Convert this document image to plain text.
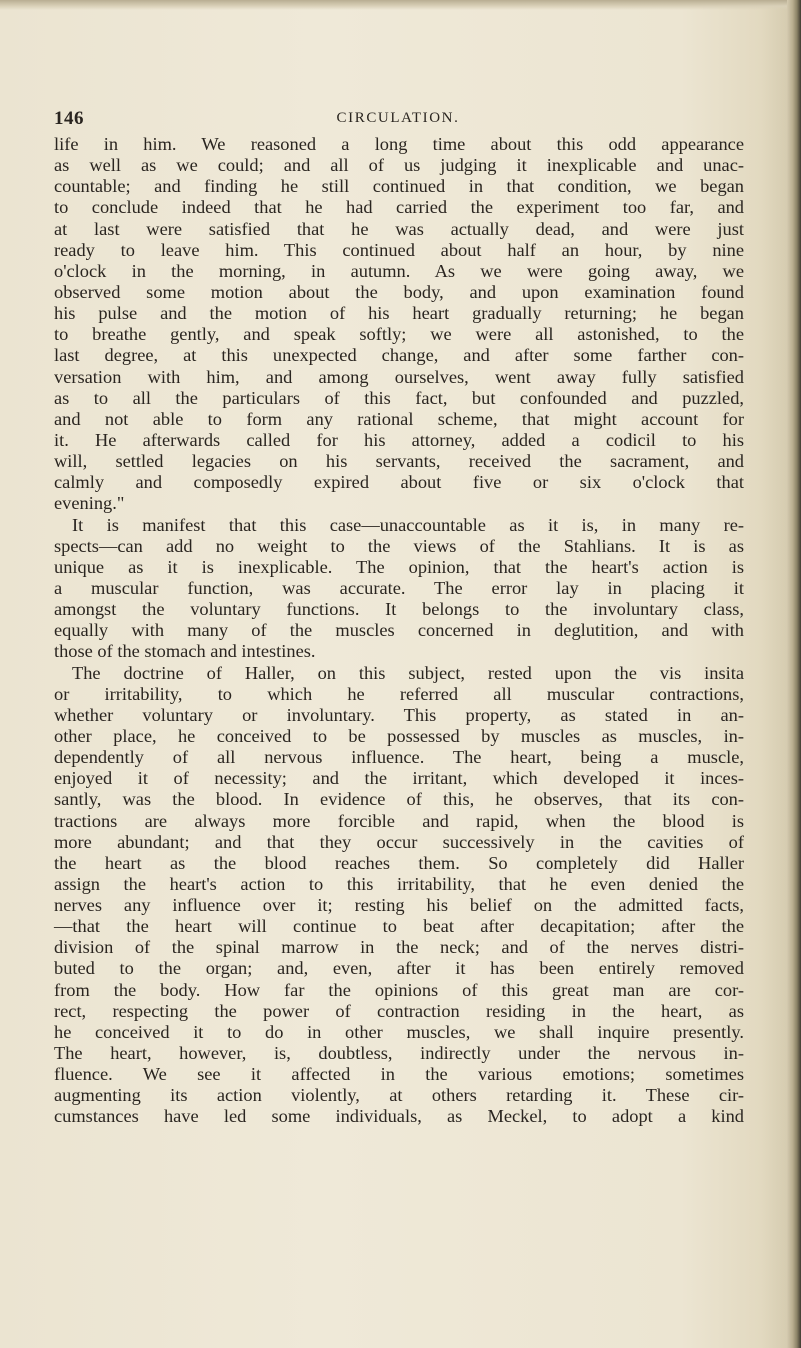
146	CIRCULATION.
life in him. We reasoned a long time about this odd appearance
as well as we could; and all of us judging it inexplicable and unac-
countable; and finding he still continued in that condition, we began
to conclude indeed that he had carried the experiment too far, and
at last were satisfied that he was actually dead, and were just
ready to leave him. This continued about half an hour, by nine
o'clock in the morning, in autumn. As we were going away, we
observed some motion about the body, and upon examination found
his pulse and the motion of his heart gradually returning; he began
to breathe gently, and speak softly; we were all astonished, to the
last degree, at this unexpected change, and after some farther con-
versation with him, and among ourselves, went away fully satisfied
as to all the particulars of this fact, but confounded and puzzled,
and not able to form any rational scheme, that might account for
it. He afterwards called for his attorney, added a codicil to his
will, settled legacies on his servants, received the sacrament, and
calmly and composedly expired about five or six o'clock that
evening."
It is manifest that this case—unaccountable as it is, in many re-
spects—can add no weight to the views of the Stahlians. It is as
unique as it is inexplicable. The opinion, that the heart's action is
a muscular function, was accurate. The error lay in placing it
amongst the voluntary functions. It belongs to the involuntary class,
equally with many of the muscles concerned in deglutition, and with
those of the stomach and intestines.
The doctrine of Haller, on this subject, rested upon the vis insita
or irritability, to which he referred all muscular contractions,
whether voluntary or involuntary. This property, as stated in an-
other place, he conceived to be possessed by muscles as muscles, in-
dependently of all nervous influence. The heart, being a muscle,
enjoyed it of necessity; and the irritant, which developed it inces-
santly, was the blood. In evidence of this, he observes, that its con-
tractions are always more forcible and rapid, when the blood is
more abundant; and that they occur successively in the cavities of
the heart as the blood reaches them. So completely did Haller
assign the heart's action to this irritability, that he even denied the
nerves any influence over it; resting his belief on the admitted facts,
—that the heart will continue to beat after decapitation; after the
division of the spinal marrow in the neck; and of the nerves distri-
buted to the organ; and, even, after it has been entirely removed
from the body. How far the opinions of this great man are cor-
rect, respecting the power of contraction residing in the heart, as
he conceived it to do in other muscles, we shall inquire presently.
The heart, however, is, doubtless, indirectly under the nervous in-
fluence. We see it affected in the various emotions; sometimes
augmenting its action violently, at others retarding it. These cir-
cumstances have led some individuals, as Meckel, to adopt a kind
